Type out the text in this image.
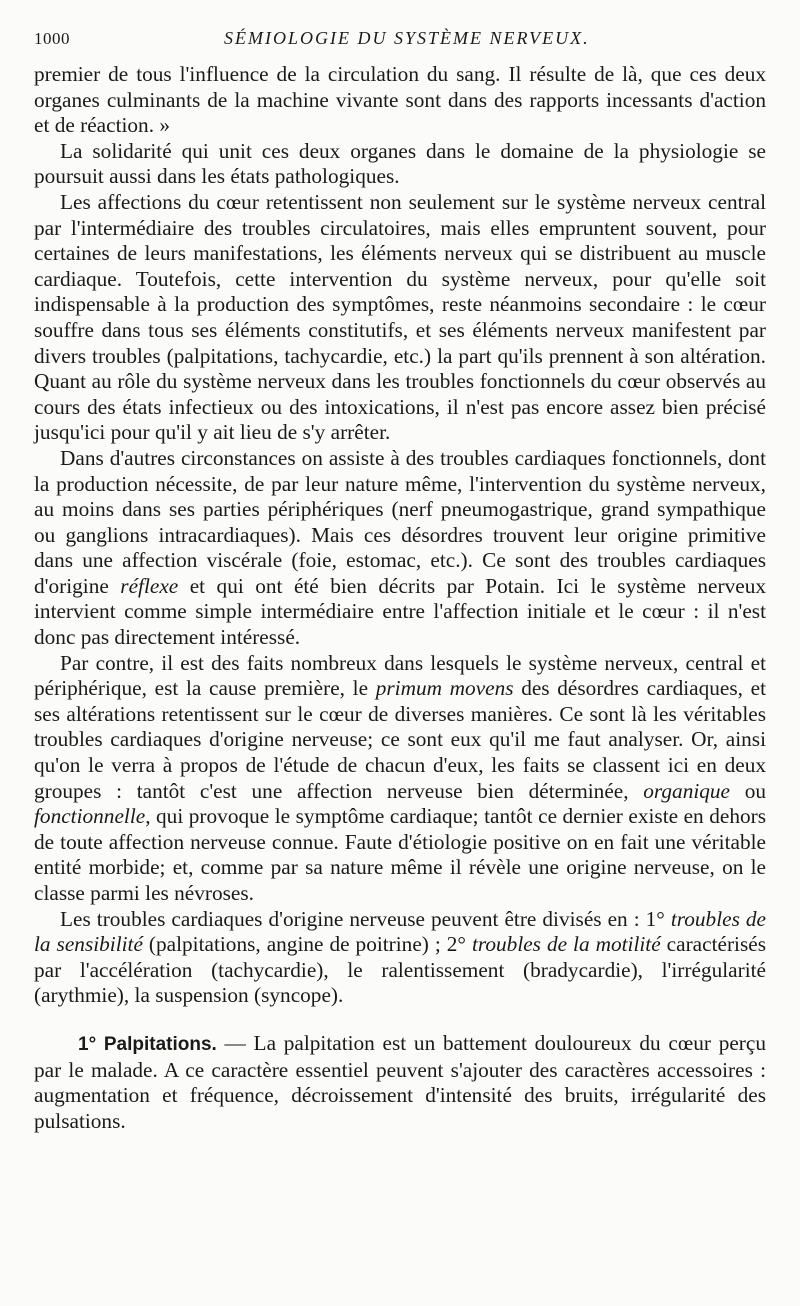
1000	SÉMIOLOGIE DU SYSTÈME NERVEUX.

premier de tous l'influence de la circulation du sang. Il résulte de là, que ces deux organes culminants de la machine vivante sont dans des rapports incessants d'action et de réaction. »

La solidarité qui unit ces deux organes dans le domaine de la physiologie se poursuit aussi dans les états pathologiques.

Les affections du cœur retentissent non seulement sur le système nerveux central par l'intermédiaire des troubles circulatoires, mais elles empruntent souvent, pour certaines de leurs manifestations, les éléments nerveux qui se distribuent au muscle cardiaque. Toutefois, cette intervention du système nerveux, pour qu'elle soit indispensable à la production des symptômes, reste néanmoins secondaire : le cœur souffre dans tous ses éléments constitutifs, et ses éléments nerveux manifestent par divers troubles (palpitations, tachycardie, etc.) la part qu'ils prennent à son altération. Quant au rôle du système nerveux dans les troubles fonctionnels du cœur observés au cours des états infectieux ou des intoxications, il n'est pas encore assez bien précisé jusqu'ici pour qu'il y ait lieu de s'y arrêter.

Dans d'autres circonstances on assiste à des troubles cardiaques fonctionnels, dont la production nécessite, de par leur nature même, l'intervention du système nerveux, au moins dans ses parties périphériques (nerf pneumogastrique, grand sympathique ou ganglions intracardiaques). Mais ces désordres trouvent leur origine primitive dans une affection viscérale (foie, estomac, etc.). Ce sont des troubles cardiaques d'origine réflexe et qui ont été bien décrits par Potain. Ici le système nerveux intervient comme simple intermédiaire entre l'affection initiale et le cœur : il n'est donc pas directement intéressé.

Par contre, il est des faits nombreux dans lesquels le système nerveux, central et périphérique, est la cause première, le primum movens des désordres cardiaques, et ses altérations retentissent sur le cœur de diverses manières. Ce sont là les véritables troubles cardiaques d'origine nerveuse; ce sont eux qu'il me faut analyser. Or, ainsi qu'on le verra à propos de l'étude de chacun d'eux, les faits se classent ici en deux groupes : tantôt c'est une affection nerveuse bien déterminée, organique ou fonctionnelle, qui provoque le symptôme cardiaque; tantôt ce dernier existe en dehors de toute affection nerveuse connue. Faute d'étiologie positive on en fait une véritable entité morbide; et, comme par sa nature même il révèle une origine nerveuse, on le classe parmi les névroses.

Les troubles cardiaques d'origine nerveuse peuvent être divisés en : 1° troubles de la sensibilité (palpitations, angine de poitrine) ; 2° troubles de la motilité caractérisés par l'accélération (tachycardie), le ralentissement (bradycardie), l'irrégularité (arythmie), la suspension (syncope).

1° Palpitations. — La palpitation est un battement douloureux du cœur perçu par le malade. A ce caractère essentiel peuvent s'ajouter des caractères accessoires : augmentation et fréquence, décroissement d'intensité des bruits, irrégularité des pulsations.
